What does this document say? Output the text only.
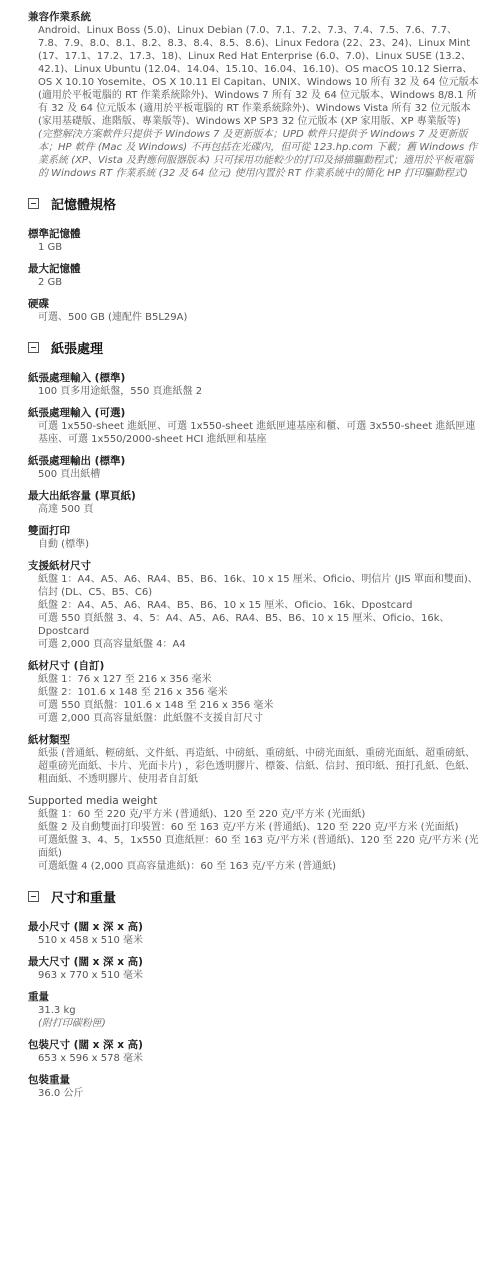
兼容作業系統
Android、Linux Boss (5.0)、Linux Debian (7.0、7.1、7.2、7.3、7.4、7.5、7.6、7.7、7.8、7.9、8.0、8.1、8.2、8.3、8.4、8.5、8.6)、Linux Fedora (22、23、24)、Linux Mint (17、17.1、17.2、17.3、18)、Linux Red Hat Enterprise (6.0、7.0)、Linux SUSE (13.2、42.1)、Linux Ubuntu (12.04、14.04、15.10、16.04、16.10)、OS macOS 10.12 Sierra、OS X 10.10 Yosemite、OS X 10.11 El Capitan、UNIX、Windows 10 所有 32 及 64 位元版本 (適用於平板電腦的 RT 作業系統除外)、Windows 7 所有 32 及 64 位元版本、Windows 8/8.1 所有 32 及 64 位元版本 (適用於平板電腦的 RT 作業系統除外)、Windows Vista 所有 32 位元版本 (家用基礎版、進階版、專業版等)、Windows XP SP3 32 位元版本 (XP 家用版、XP 專業版等)
(完整解決方案軟件只提供予 Windows 7 及更新版本；UPD 軟件只提供予 Windows 7 及更新版本；HP 軟件 (Mac 及 Windows) 不再包括在光碟內，但可從 123.hp.com 下載；舊 Windows 作業系統 (XP、Vista 及對應伺服器版本) 只可採用功能較少的打印及掃描驅動程式；適用於平板電腦的 Windows RT 作業系統 (32 及 64 位元) 使用內置於 RT 作業系統中的簡化 HP 打印驅動程式)
記憶體規格
標準記憶體
1 GB
最大記憶體
2 GB
硬碟
可選、500 GB (連配件 B5L29A)
紙張處理
紙張處理輸入 (標準)
100 頁多用途紙盤，550 頁進紙盤 2
紙張處理輸入 (可選)
可選 1x550-sheet 進紙匣、可選 1x550-sheet 進紙匣連基座和櫃、可選 3x550-sheet 進紙匣連基座、可選 1x550/2000-sheet HCI 進紙匣和基座
紙張處理輸出 (標準)
500 頁出紙槽
最大出紙容量 (單頁紙)
高達 500 頁
雙面打印
自動 (標準)
支援紙材尺寸
紙盤 1：A4、A5、A6、RA4、B5、B6、16k、10 x 15 厘米、Oficio、明信片 (JIS 單面和雙面)、信封 (DL、C5、B5、C6)
紙盤 2：A4、A5、A6、RA4、B5、B6、10 x 15 厘米、Oficio、16k、Dpostcard
可選 550 頁紙盤 3、4、5：A4、A5、A6、RA4、B5、B6、10 x 15 厘米、Oficio、16k、Dpostcard
可選 2,000 頁高容量紙盤 4：A4
紙材尺寸 (自訂)
紙盤 1：76 x 127 至 216 x 356 毫米
紙盤 2：101.6 x 148 至 216 x 356 毫米
可選 550 頁紙盤：101.6 x 148 至 216 x 356 毫米
可選 2,000 頁高容量紙盤：此紙盤不支援自訂尺寸
紙材類型
紙張 (普通紙、輕磅紙、文件紙、再造紙、中磅紙、重磅紙、中磅光面紙、重磅光面紙、超重磅紙、超重磅光面紙、卡片、光面卡片) ，彩色透明膠片、標簽、信紙、信封、預印紙、預打孔紙、色紙、粗面紙、不透明膠片、使用者自訂紙
Supported media weight
紙盤 1：60 至 220 克/平方米 (普通紙)、120 至 220 克/平方米 (光面紙)
紙盤 2 及自動雙面打印裝置：60 至 163 克/平方米 (普通紙)、120 至 220 克/平方米 (光面紙)
可選紙盤 3、4、5，1x550 頁進紙匣：60 至 163 克/平方米 (普通紙)、120 至 220 克/平方米 (光面紙)
可選紙盤 4 (2,000 頁高容量進紙)：60 至 163 克/平方米 (普通紙)
尺寸和重量
最小尺寸 (闊 x 深 x 高)
510 x 458 x 510 毫米
最大尺寸 (闊 x 深 x 高)
963 x 770 x 510 毫米
重量
31.3 kg
(附打印碳粉匣)
包裝尺寸 (闊 x 深 x 高)
653 x 596 x 578 毫米
包裝重量
36.0 公斤
